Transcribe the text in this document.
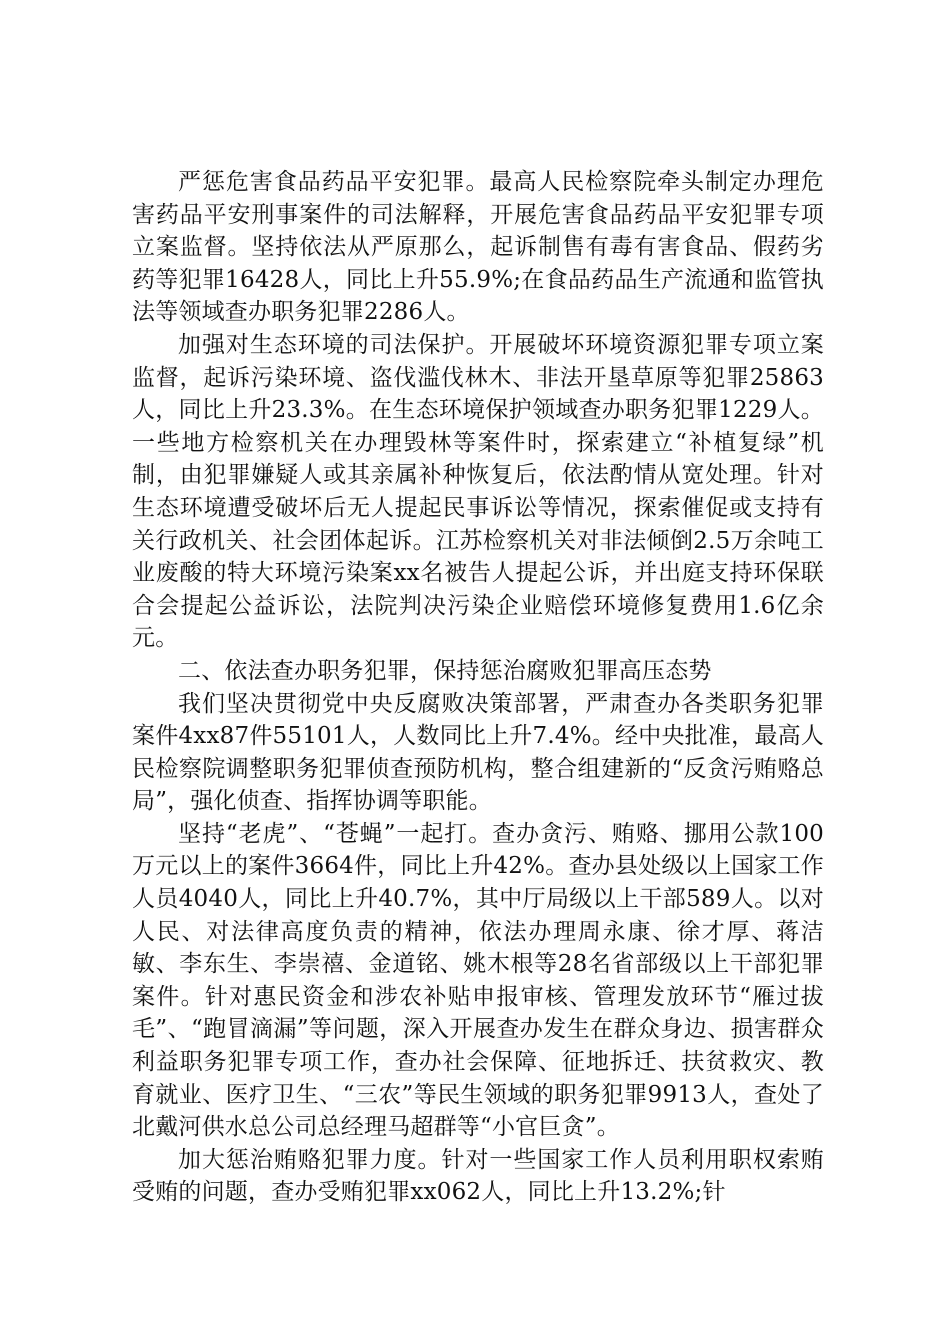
严惩危害食品药品平安犯罪。最高人民检察院牵头制定办理危害药品平安刑事案件的司法解释，开展危害食品药品平安犯罪专项立案监督。坚持依法从严原那么，起诉制售有毒有害食品、假药劣药等犯罪16428人，同比上升55.9%;在食品药品生产流通和监管执法等领域查办职务犯罪2286人。

加强对生态环境的司法保护。开展破坏环境资源犯罪专项立案监督，起诉污染环境、盗伐滥伐林木、非法开垦草原等犯罪25863人，同比上升23.3%。在生态环境保护领域查办职务犯罪1229人。一些地方检察机关在办理毁林等案件时，探索建立“补植复绿”机制，由犯罪嫌疑人或其亲属补种恢复后，依法酌情从宽处理。针对生态环境遭受破坏后无人提起民事诉讼等情况，探索催促或支持有关行政机关、社会团体起诉。江苏检察机关对非法倾倒2.5万余吨工业废酸的特大环境污染案xx名被告人提起公诉，并出庭支持环保联合会提起公益诉讼，法院判决污染企业赔偿环境修复费用1.6亿余元。

二、依法查办职务犯罪，保持惩治腐败犯罪高压态势

我们坚决贯彻党中央反腐败决策部署，严肃查办各类职务犯罪案件4xx87件55101人，人数同比上升7.4%。经中央批准，最高人民检察院调整职务犯罪侦查预防机构，整合组建新的“反贪污贿赂总局”，强化侦查、指挥协调等职能。

坚持“老虎”、“苍蝇”一起打。查办贪污、贿赂、挪用公款100万元以上的案件3664件，同比上升42%。查办县处级以上国家工作人员4040人，同比上升40.7%，其中厅局级以上干部589人。以对人民、对法律高度负责的精神，依法办理周永康、徐才厚、蒋洁敏、李东生、李崇禧、金道铭、姚木根等28名省部级以上干部犯罪案件。针对惠民资金和涉农补贴申报审核、管理发放环节“雁过拔毛”、“跑冒滴漏”等问题，深入开展查办发生在群众身边、损害群众利益职务犯罪专项工作，查办社会保障、征地拆迁、扶贫救灾、教育就业、医疗卫生、“三农”等民生领域的职务犯罪9913人，查处了北戴河供水总公司总经理马超群等“小官巨贪”。

加大惩治贿赂犯罪力度。针对一些国家工作人员利用职权索贿受贿的问题，查办受贿犯罪xx062人，同比上升13.2%;针
